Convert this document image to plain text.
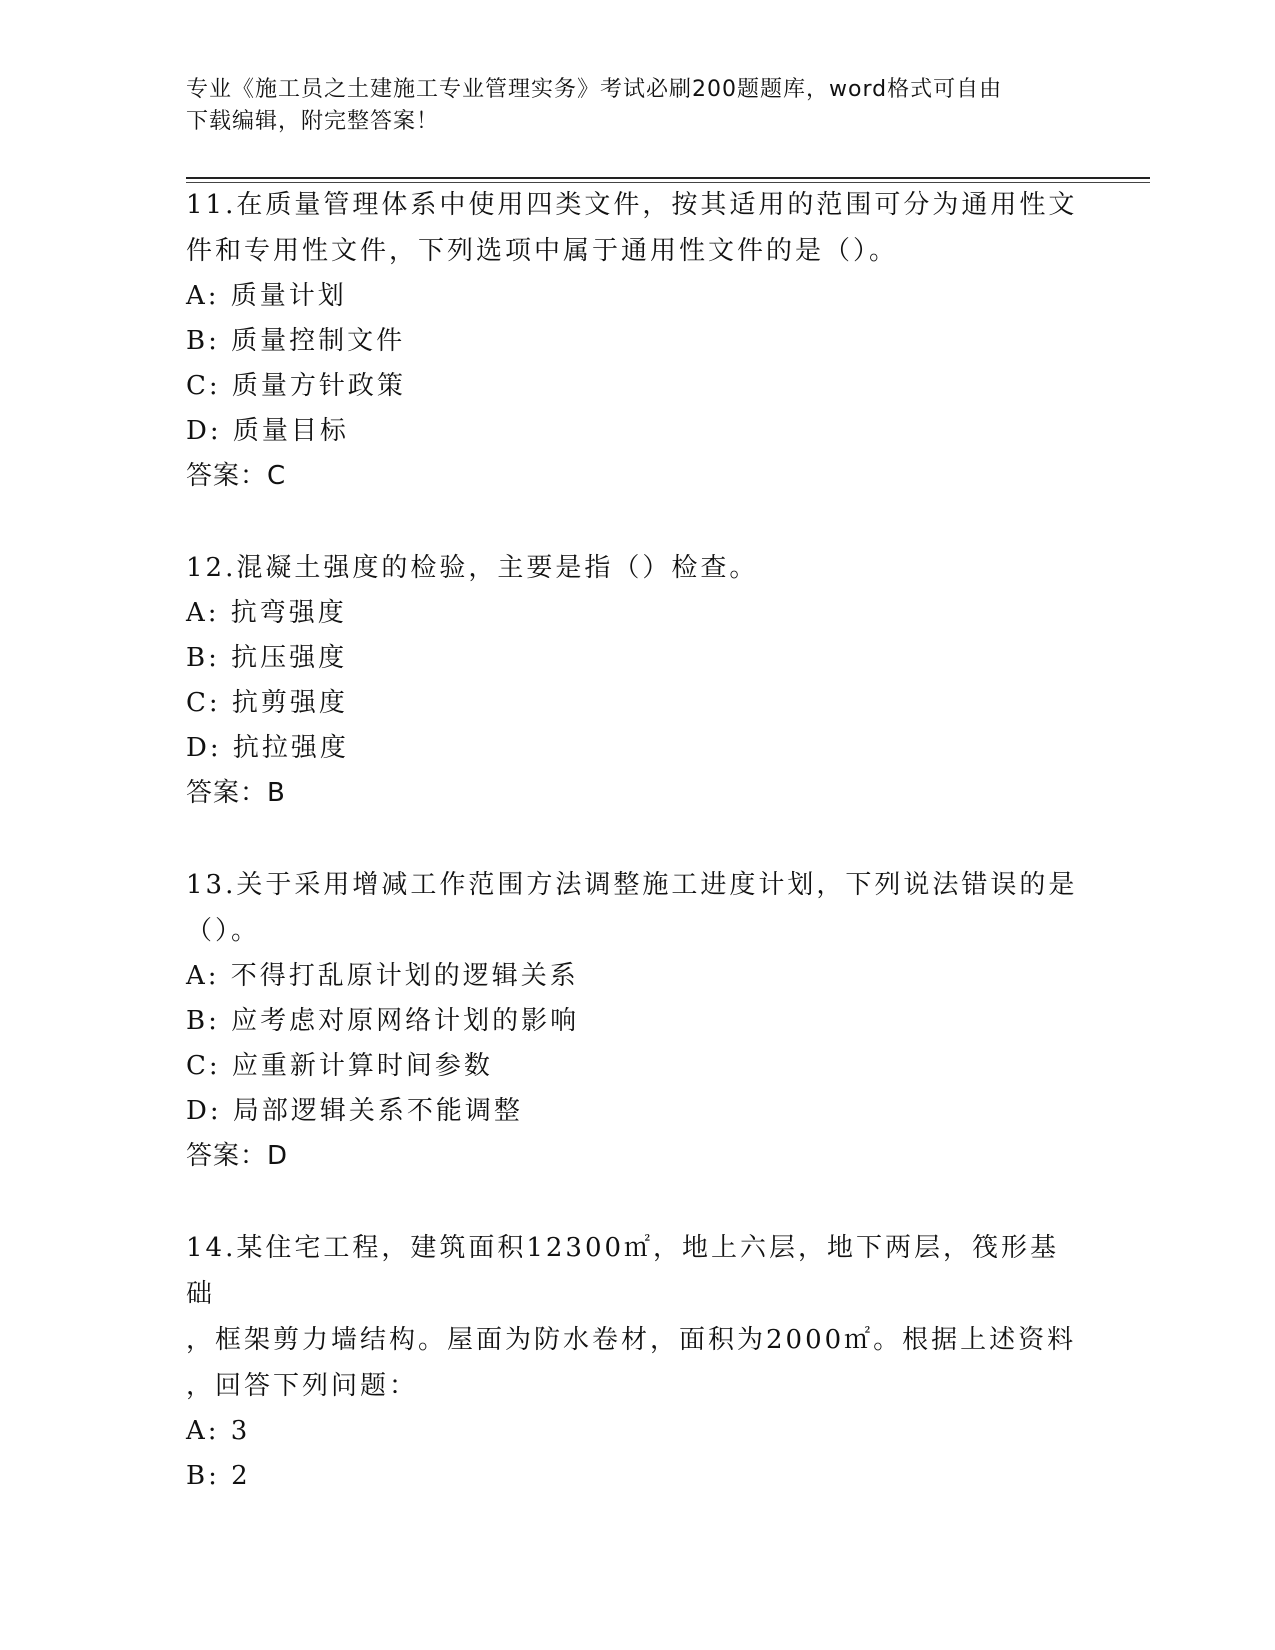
专业《施工员之土建施工专业管理实务》考试必刷200题题库，word格式可自由
下载编辑，附完整答案！
11.在质量管理体系中使用四类文件，按其适用的范围可分为通用性文
件和专用性文件，下列选项中属于通用性文件的是（）。
A: 质量计划
B: 质量控制文件
C: 质量方针政策
D: 质量目标
答案：C
12.混凝土强度的检验，主要是指（）检查。
A: 抗弯强度
B: 抗压强度
C: 抗剪强度
D: 抗拉强度
答案：B
13.关于采用增减工作范围方法调整施工进度计划，下列说法错误的是
（）。
A: 不得打乱原计划的逻辑关系
B: 应考虑对原网络计划的影响
C: 应重新计算时间参数
D: 局部逻辑关系不能调整
答案：D
14.某住宅工程，建筑面积12300㎡，地上六层，地下两层，筏形基础
，框架剪力墙结构。屋面为防水卷材，面积为2000㎡。根据上述资料
，回答下列问题：
A: 3
B: 2
